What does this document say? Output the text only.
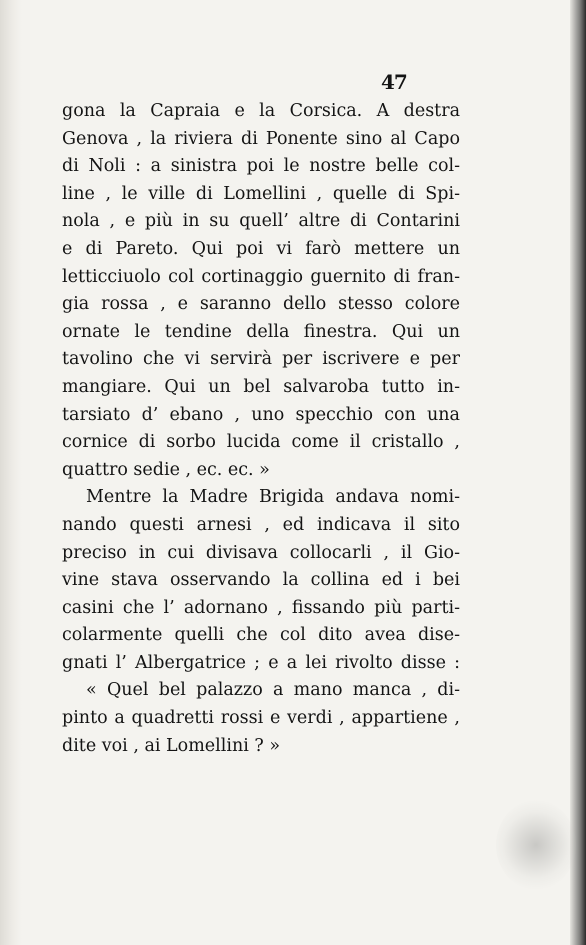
47
gona la Capraia e la Corsica. A destra
Genova , la riviera di Ponente sino al Capo
di Noli : a sinistra poi le nostre belle col-
line , le ville di Lomellini , quelle di Spi-
nola , e più in su quell’ altre di Contarini
e di Pareto. Qui poi vi farò mettere un
letticciuolo col cortinaggio guernito di fran-
gia rossa , e saranno dello stesso colore
ornate le tendine della finestra. Qui un
tavolino che vi servirà per iscrivere e per
mangiare. Qui un bel salvaroba tutto in-
tarsiato d’ ebano , uno specchio con una
cornice di sorbo lucida come il cristallo ,
quattro sedie , ec. ec. »
Mentre la Madre Brigida andava nomi-
nando questi arnesi , ed indicava il sito
preciso in cui divisava collocarli , il Gio-
vine stava osservando la collina ed i bei
casini che l’ adornano , fissando più parti-
colarmente quelli che col dito avea dise-
gnati l’ Albergatrice ; e a lei rivolto disse :
« Quel bel palazzo a mano manca , di-
pinto a quadretti rossi e verdi , appartiene ,
dite voi , ai Lomellini ? »
